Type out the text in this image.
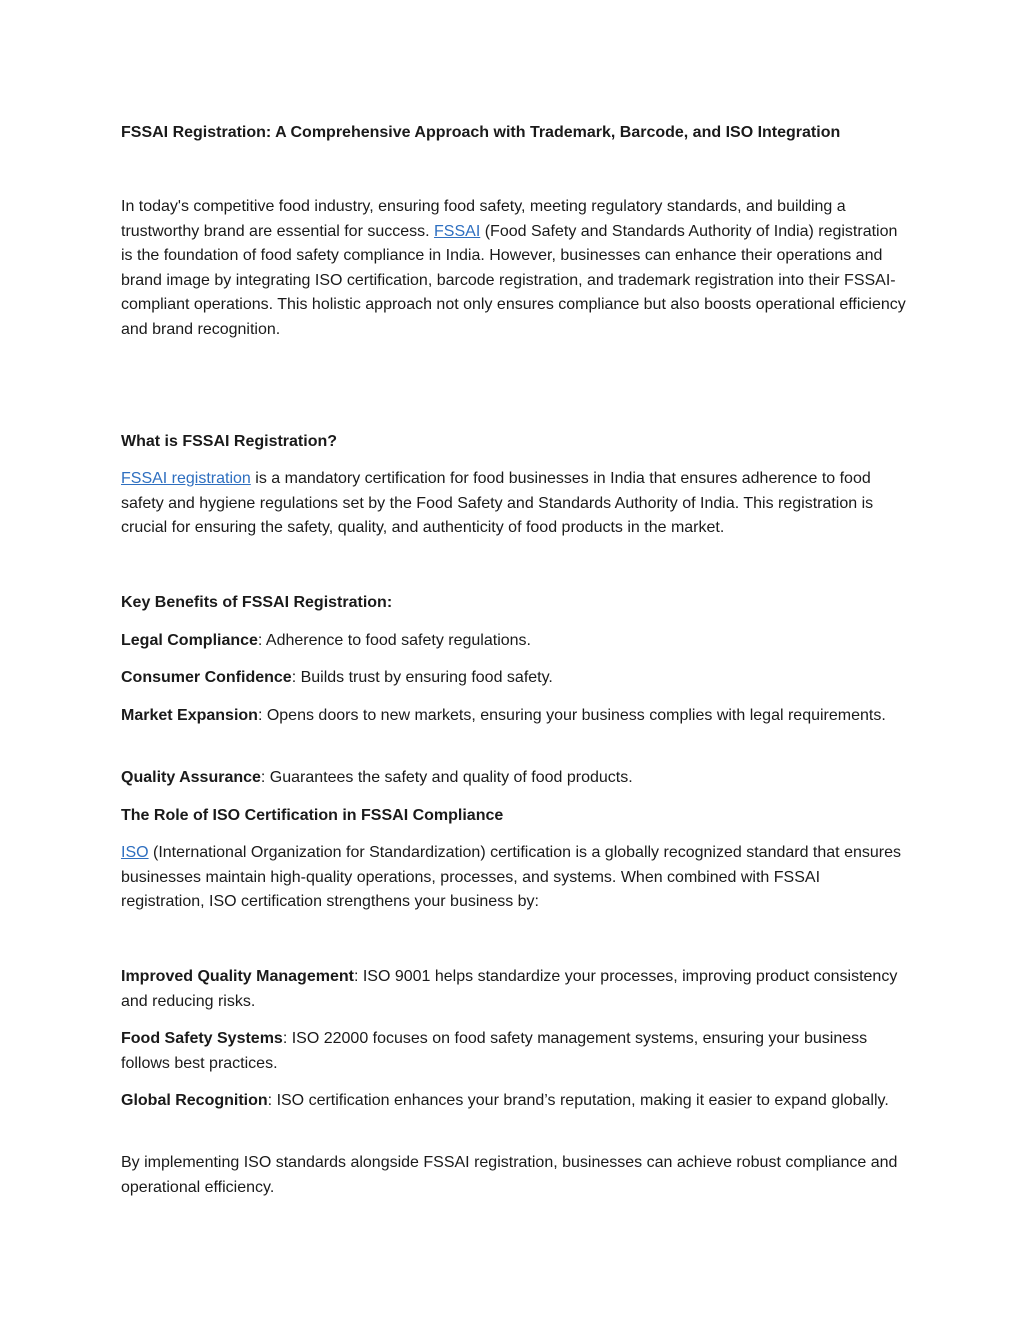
FSSAI Registration: A Comprehensive Approach with Trademark, Barcode, and ISO Integration

In today's competitive food industry, ensuring food safety, meeting regulatory standards, and building a trustworthy brand are essential for success. FSSAI (Food Safety and Standards Authority of India) registration is the foundation of food safety compliance in India. However, businesses can enhance their operations and brand image by integrating ISO certification, barcode registration, and trademark registration into their FSSAI-compliant operations. This holistic approach not only ensures compliance but also boosts operational efficiency and brand recognition.

What is FSSAI Registration?

FSSAI registration is a mandatory certification for food businesses in India that ensures adherence to food safety and hygiene regulations set by the Food Safety and Standards Authority of India. This registration is crucial for ensuring the safety, quality, and authenticity of food products in the market.

Key Benefits of FSSAI Registration:

Legal Compliance: Adherence to food safety regulations.

Consumer Confidence: Builds trust by ensuring food safety.

Market Expansion: Opens doors to new markets, ensuring your business complies with legal requirements.

Quality Assurance: Guarantees the safety and quality of food products.

The Role of ISO Certification in FSSAI Compliance

ISO (International Organization for Standardization) certification is a globally recognized standard that ensures businesses maintain high-quality operations, processes, and systems. When combined with FSSAI registration, ISO certification strengthens your business by:

Improved Quality Management: ISO 9001 helps standardize your processes, improving product consistency and reducing risks.

Food Safety Systems: ISO 22000 focuses on food safety management systems, ensuring your business follows best practices.

Global Recognition: ISO certification enhances your brand’s reputation, making it easier to expand globally.

By implementing ISO standards alongside FSSAI registration, businesses can achieve robust compliance and operational efficiency.
